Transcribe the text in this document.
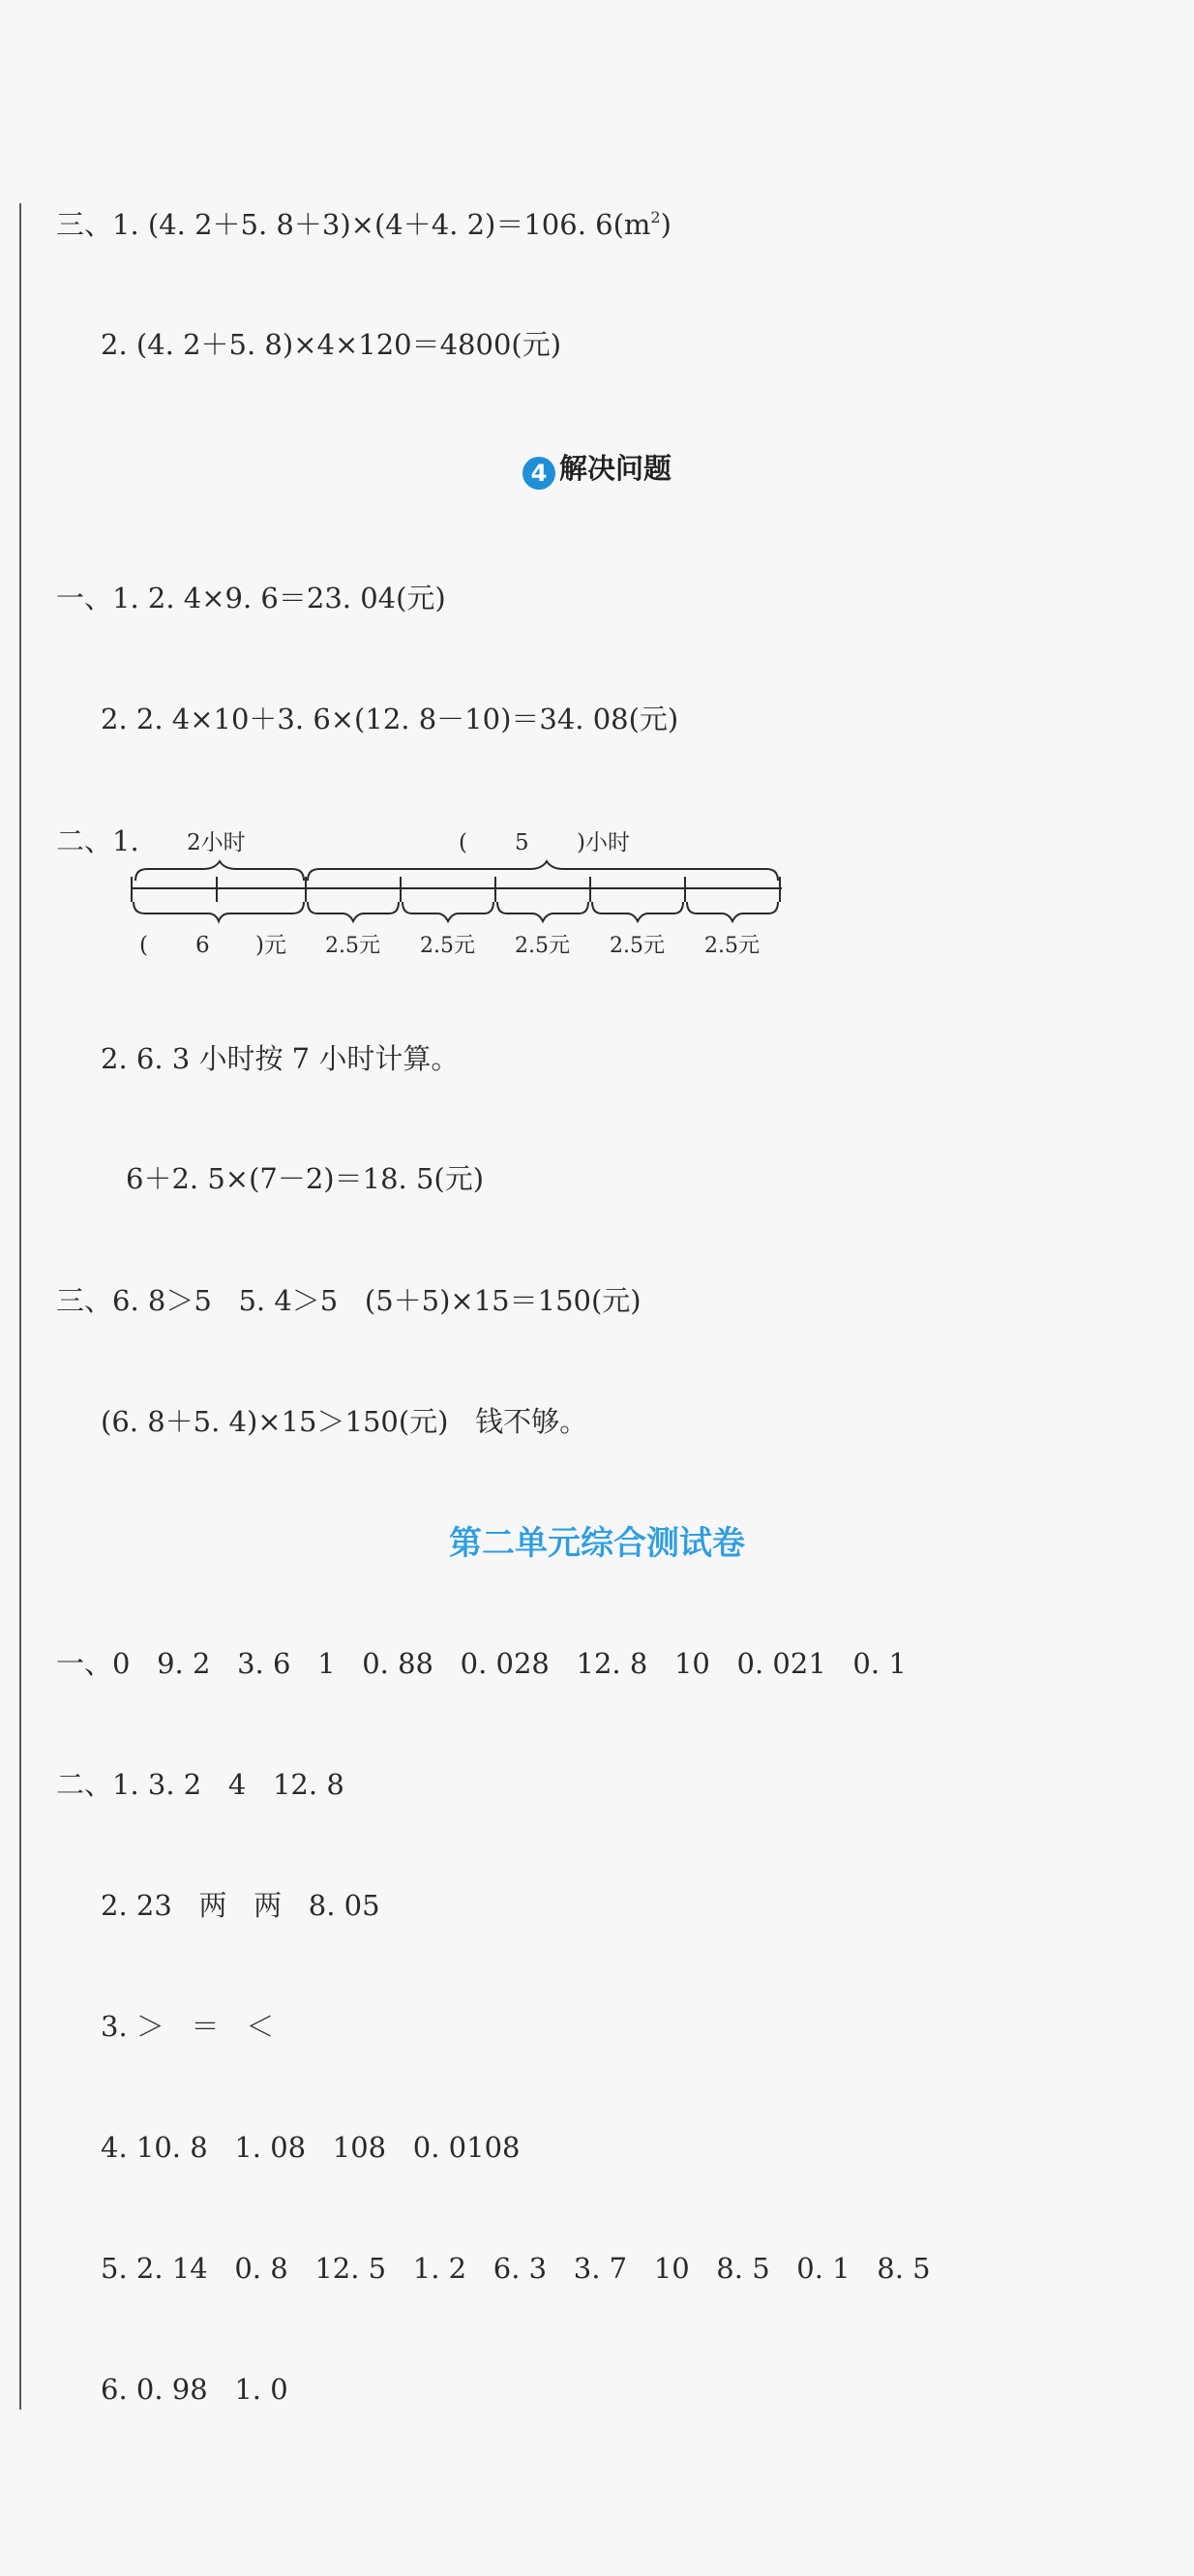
三、1. (4. 2＋5. 8＋3)×(4＋4. 2)＝106. $6(m^2)$
2. (4. 2＋5. 8)×4×120＝4800(元)
4 解决问题
一、1. 2. 4×9. 6＝23. 04(元)
2. 2. 4×10＋3. 6×(12. 8－10)＝34. 08(元)
二、1. 2小时	( 5 )小时
( 6 )元 2.5元 2.5元 2.5元 2.5元 2.5元
2. 6. 3 小时按 7 小时计算。
6＋2. 5×(7－2)＝18. 5(元)
三、6. 8＞5   5. 4＞5   (5＋5)×15＝150(元)
(6. 8＋5. 4)×15＞150(元)   钱不够。
第二单元综合测试卷
一、0   9. 2   3. 6   1   0. 88   0. 028   12. 8   10   0. 021   0. 1
二、1. 3. 2   4   12. 8
2. 23   两   两   8. 05
3. ＞   ＝   ＜
4. 10. 8   1. 08   108   0. 0108
5. 2. 14   0. 8   12. 5   1. 2   6. 3   3. 7   10   8. 5   0. 1   8. 5
6. 0. 98   1. 0
